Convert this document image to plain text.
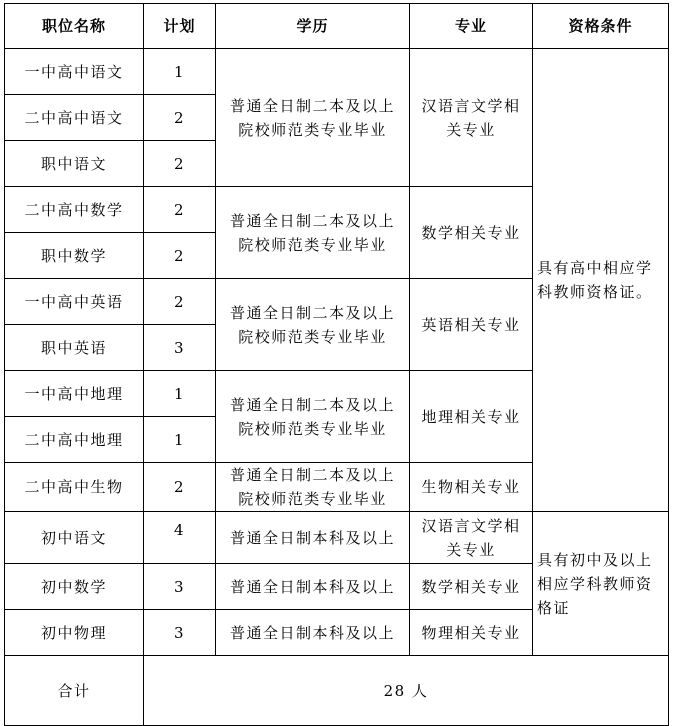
职位名称	计划	学历	专业	资格条件
一中高中语文	1	普通全日制二本及以上院校师范类专业毕业	汉语言文学相关专业	具有高中相应学科教师资格证。
二中高中语文	2			
职中语文	2			
二中高中数学	2	普通全日制二本及以上院校师范类专业毕业	数学相关专业	
职中数学	2			
一中高中英语	2	普通全日制二本及以上院校师范类专业毕业	英语相关专业	
职中英语	3			
一中高中地理	1	普通全日制二本及以上院校师范类专业毕业	地理相关专业	
二中高中地理	1			
二中高中生物	2	普通全日制二本及以上院校师范类专业毕业	生物相关专业	
初中语文	4	普通全日制本科及以上	汉语言文学相关专业	具有初中及以上相应学科教师资格证
初中数学	3	普通全日制本科及以上	数学相关专业	
初中物理	3	普通全日制本科及以上	物理相关专业	
合计	28 人			
